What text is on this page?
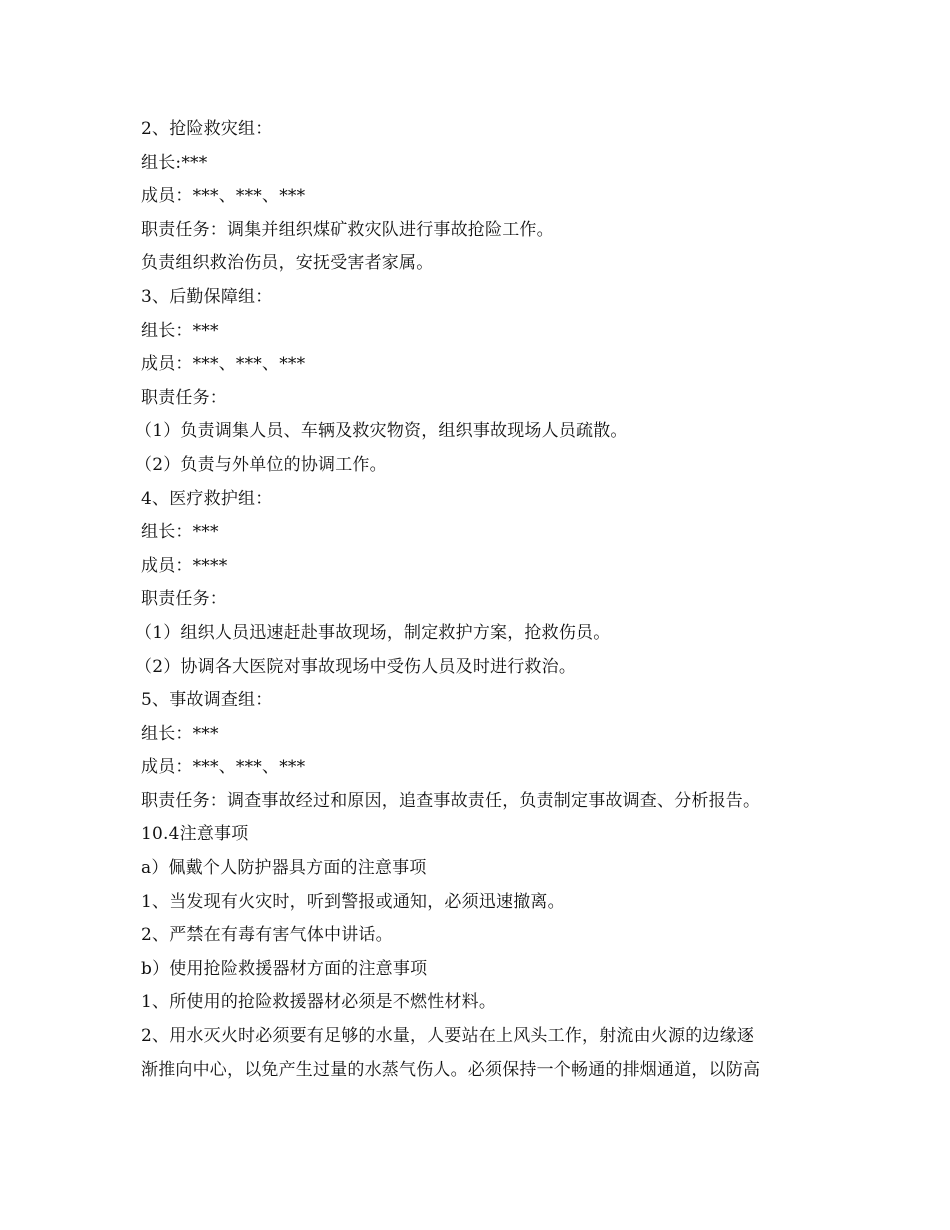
2、抢险救灾组：
组长:***
成员：***、***、***
职责任务：调集并组织煤矿救灾队进行事故抢险工作。
负责组织救治伤员，安抚受害者家属。
3、后勤保障组：
组长：***
成员：***、***、***
职责任务：
（1）负责调集人员、车辆及救灾物资，组织事故现场人员疏散。
（2）负责与外单位的协调工作。
4、医疗救护组：
组长：***
成员：****
职责任务：
（1）组织人员迅速赶赴事故现场，制定救护方案，抢救伤员。
（2）协调各大医院对事故现场中受伤人员及时进行救治。
5、事故调查组：
组长：***
成员：***、***、***
职责任务：调查事故经过和原因，追查事故责任，负责制定事故调查、分析报告。
10.4注意事项
a）佩戴个人防护器具方面的注意事项
1、当发现有火灾时，听到警报或通知，必须迅速撤离。
2、严禁在有毒有害气体中讲话。
b）使用抢险救援器材方面的注意事项
1、所使用的抢险救援器材必须是不燃性材料。
2、用水灭火时必须要有足够的水量，人要站在上风头工作，射流由火源的边缘逐
渐推向中心，以免产生过量的水蒸气伤人。必须保持一个畅通的排烟通道，以防高
